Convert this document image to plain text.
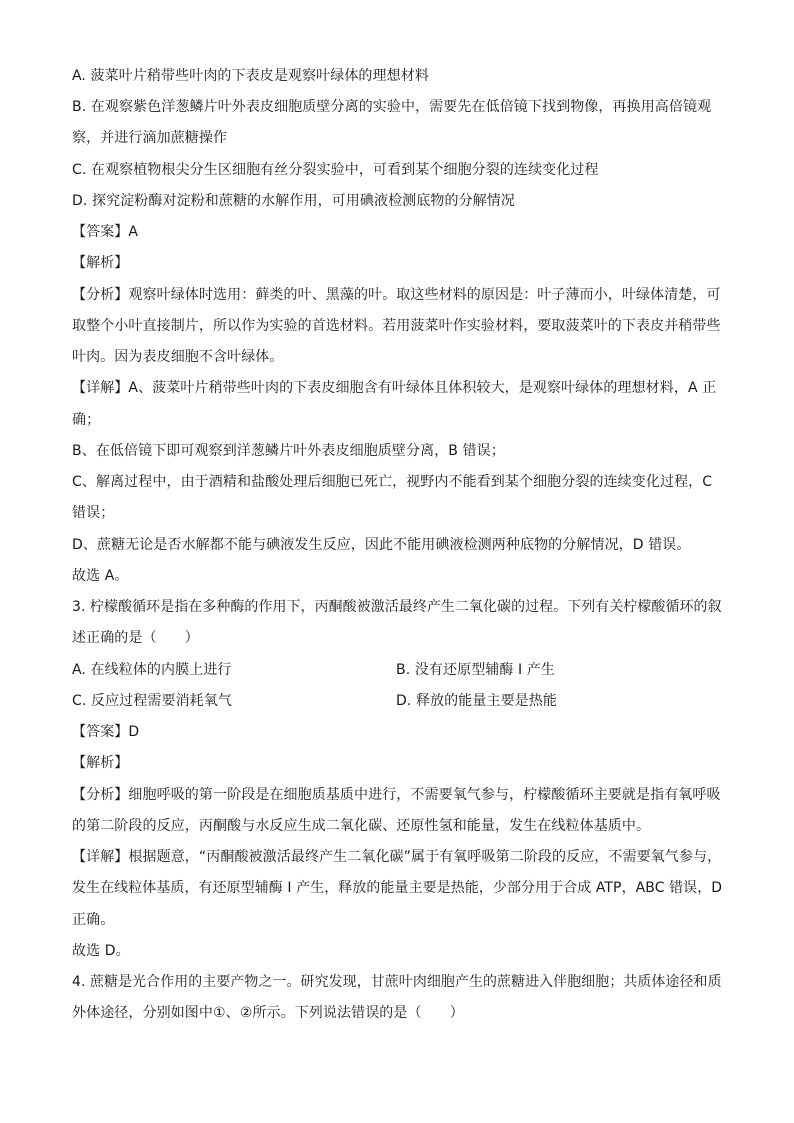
A. 菠菜叶片稍带些叶肉的下表皮是观察叶绿体的理想材料
B. 在观察紫色洋葱鳞片叶外表皮细胞质壁分离的实验中，需要先在低倍镜下找到物像，再换用高倍镜观
察，并进行滴加蔗糖操作
C. 在观察植物根尖分生区细胞有丝分裂实验中，可看到某个细胞分裂的连续变化过程
D. 探究淀粉酶对淀粉和蔗糖的水解作用，可用碘液检测底物的分解情况
【答案】A
【解析】
【分析】观察叶绿体时选用：藓类的叶、黑藻的叶。取这些材料的原因是：叶子薄而小，叶绿体清楚，可
取整个小叶直接制片，所以作为实验的首选材料。若用菠菜叶作实验材料，要取菠菜叶的下表皮并稍带些
叶肉。因为表皮细胞不含叶绿体。
【详解】A、菠菜叶片稍带些叶肉的下表皮细胞含有叶绿体且体积较大，是观察叶绿体的理想材料，A 正
确；
B、在低倍镜下即可观察到洋葱鳞片叶外表皮细胞质壁分离，B 错误；
C、解离过程中，由于酒精和盐酸处理后细胞已死亡，视野内不能看到某个细胞分裂的连续变化过程，C
错误；
D、蔗糖无论是否水解都不能与碘液发生反应，因此不能用碘液检测两种底物的分解情况，D 错误。
故选 A。
3. 柠檬酸循环是指在多种酶的作用下，丙酮酸被激活最终产生二氧化碳的过程。下列有关柠檬酸循环的叙
述正确的是（　　）
A. 在线粒体的内膜上进行	B. 没有还原型辅酶 I 产生
C. 反应过程需要消耗氧气	D. 释放的能量主要是热能
【答案】D
【解析】
【分析】细胞呼吸的第一阶段是在细胞质基质中进行，不需要氧气参与，柠檬酸循环主要就是指有氧呼吸
的第二阶段的反应，丙酮酸与水反应生成二氧化碳、还原性氢和能量，发生在线粒体基质中。
【详解】根据题意，“丙酮酸被激活最终产生二氧化碳”属于有氧呼吸第二阶段的反应，不需要氧气参与，
发生在线粒体基质，有还原型辅酶 I 产生，释放的能量主要是热能，少部分用于合成 ATP，ABC 错误，D
正确。
故选 D。
4. 蔗糖是光合作用的主要产物之一。研究发现，甘蔗叶肉细胞产生的蔗糖进入伴胞细胞；共质体途径和质
外体途径，分别如图中①、②所示。下列说法错误的是（　　）
